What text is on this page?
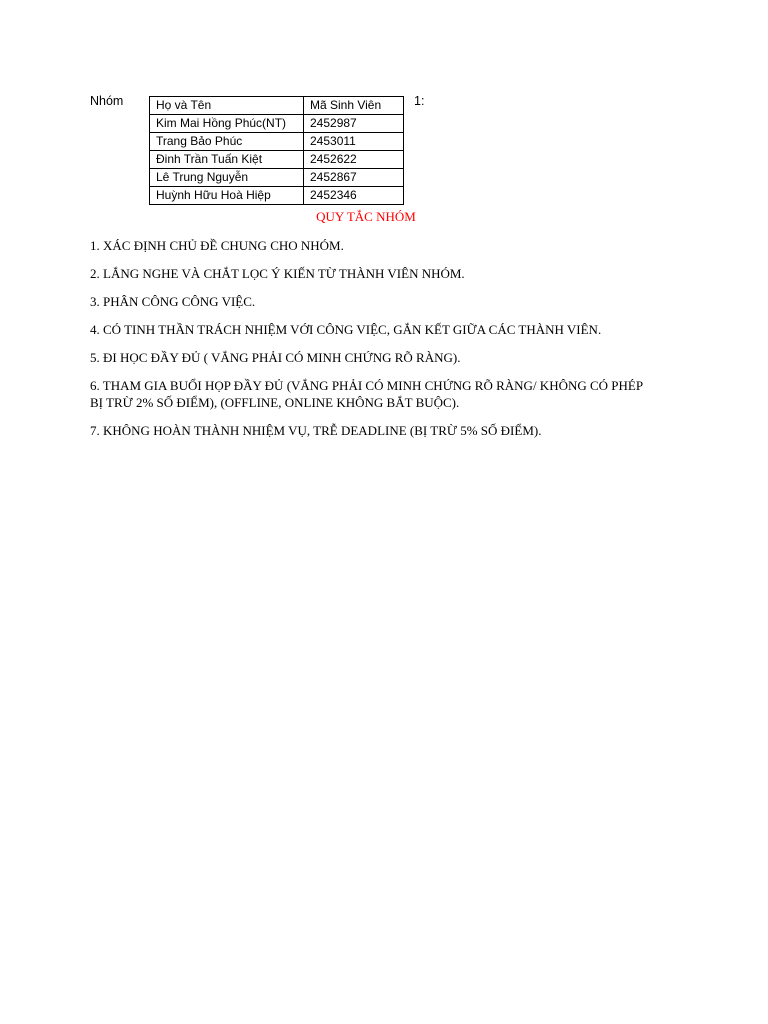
Nhóm	1:
Họ và Tên	Mã Sinh Viên
Kim Mai Hồng Phúc(NT)	2452987
Trang Bảo Phúc	2453011
Đinh Trần Tuấn Kiệt	2452622
Lê Trung Nguyễn	2452867
Huỳnh Hữu Hoà Hiệp	2452346
QUY TẮC NHÓM

1. XÁC ĐỊNH CHỦ ĐỀ CHUNG CHO NHÓM.

2. LẮNG NGHE VÀ CHẮT LỌC Ý KIẾN TỪ THÀNH VIÊN NHÓM.

3. PHÂN CÔNG CÔNG VIỆC.

4. CÓ TINH THẦN TRÁCH NHIỆM VỚI CÔNG VIỆC, GẮN KẾT GIỮA CÁC THÀNH VIÊN.

5. ĐI HỌC ĐẦY ĐỦ ( VẮNG PHẢI CÓ MINH CHỨNG RÕ RÀNG).

6. THAM GIA BUỔI HỌP ĐẦY ĐỦ (VẮNG PHẢI CÓ MINH CHỨNG RÕ RÀNG/ KHÔNG CÓ PHÉP BỊ TRỪ 2% SỐ ĐIỂM), (OFFLINE, ONLINE KHÔNG BẮT BUỘC).

7. KHÔNG HOÀN THÀNH NHIỆM VỤ, TRỄ DEADLINE (BỊ TRỪ 5% SỐ ĐIỂM).
